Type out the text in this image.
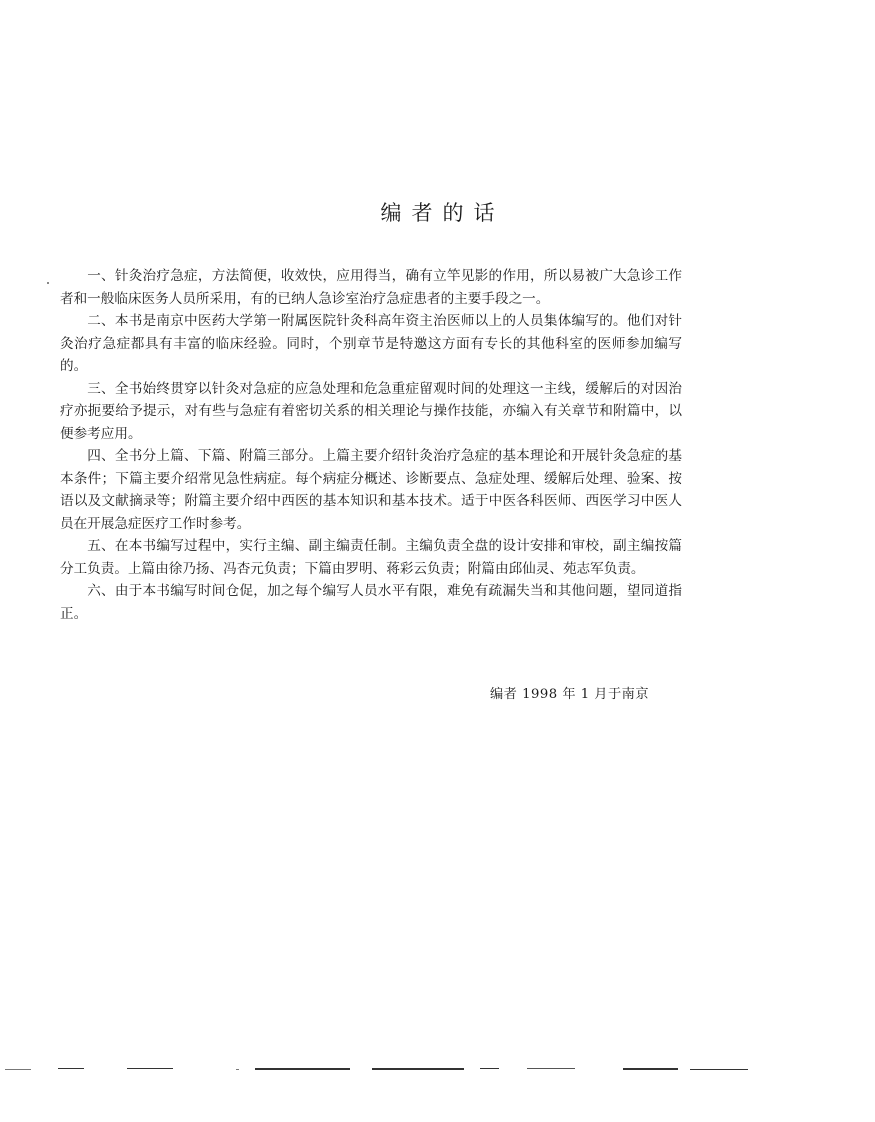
编者的话

一、针灸治疗急症，方法简便，收效快，应用得当，确有立竿见影的作用，所以易被广大急诊工作者和一般临床医务人员所采用，有的已纳人急诊室治疗急症患者的主要手段之一。

二、本书是南京中医药大学第一附属医院针灸科高年资主治医师以上的人员集体编写的。他们对针灸治疗急症都具有丰富的临床经验。同时，个别章节是特邀这方面有专长的其他科室的医师参加编写的。

三、全书始终贯穿以针灸对急症的应急处理和危急重症留观时间的处理这一主线，缓解后的对因治疗亦扼要给予提示，对有些与急症有着密切关系的相关理论与操作技能，亦编入有关章节和附篇中，以便参考应用。

四、全书分上篇、下篇、附篇三部分。上篇主要介绍针灸治疗急症的基本理论和开展针灸急症的基本条件；下篇主要介绍常见急性病症。每个病症分概述、诊断要点、急症处理、缓解后处理、验案、按语以及文献摘录等；附篇主要介绍中西医的基本知识和基本技术。适于中医各科医师、西医学习中医人员在开展急症医疗工作时参考。

五、在本书编写过程中，实行主编、副主编责任制。主编负责全盘的设计安排和审校，副主编按篇分工负责。上篇由徐乃扬、冯杏元负责；下篇由罗明、蒋彩云负责；附篇由邱仙灵、苑志军负责。

六、由于本书编写时间仓促，加之每个编写人员水平有限，难免有疏漏失当和其他问题，望同道指正。

编者 1998 年 1 月于南京
